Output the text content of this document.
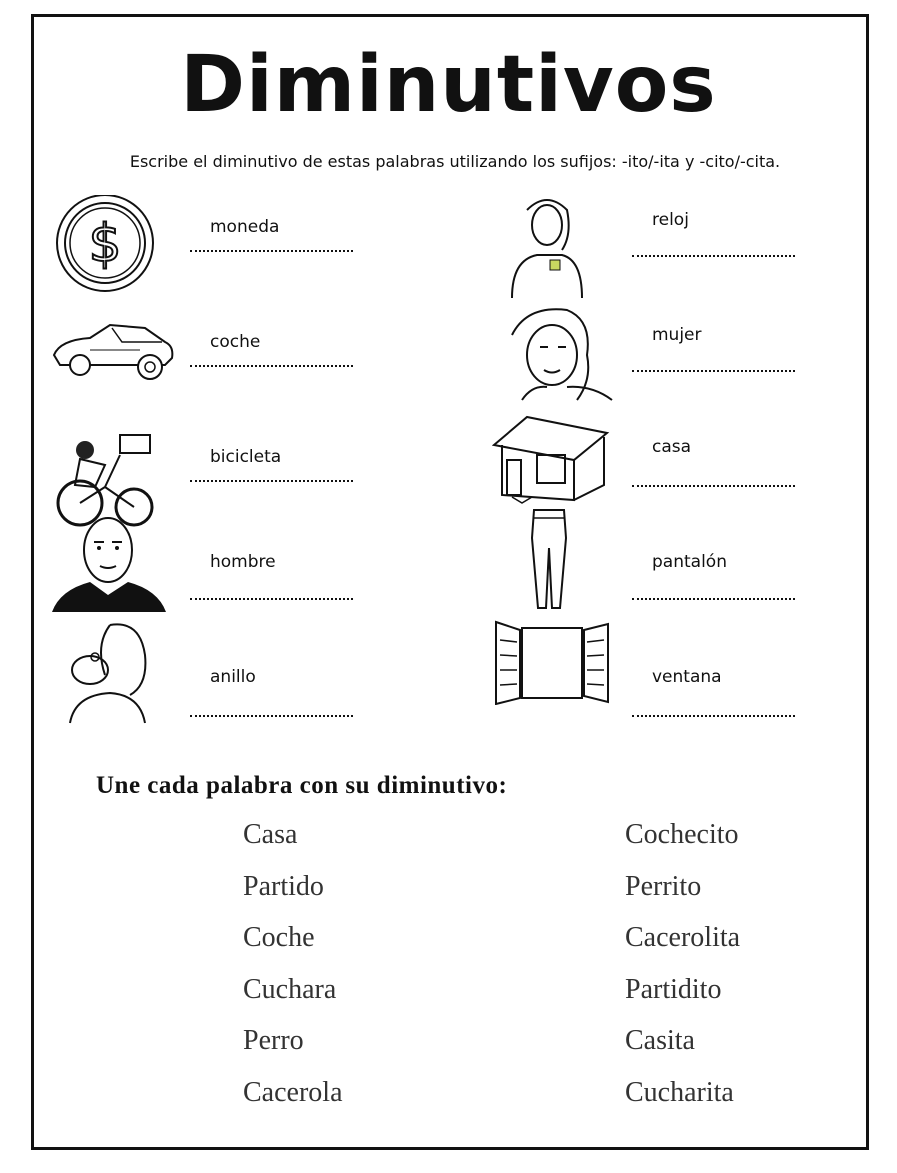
Diminutivos
Escribe el diminutivo de estas palabras utilizando los sufijos: -ito/-ita y -cito/-cita.
$	moneda
coche
bicicleta
hombre
anillo
reloj
mujer
casa
pantalón
ventana
Une cada palabra con su diminutivo:
Casa
Partido
Coche
Cuchara
Perro
Cacerola
Cochecito
Perrito
Cacerolita
Partidito
Casita
Cucharita
